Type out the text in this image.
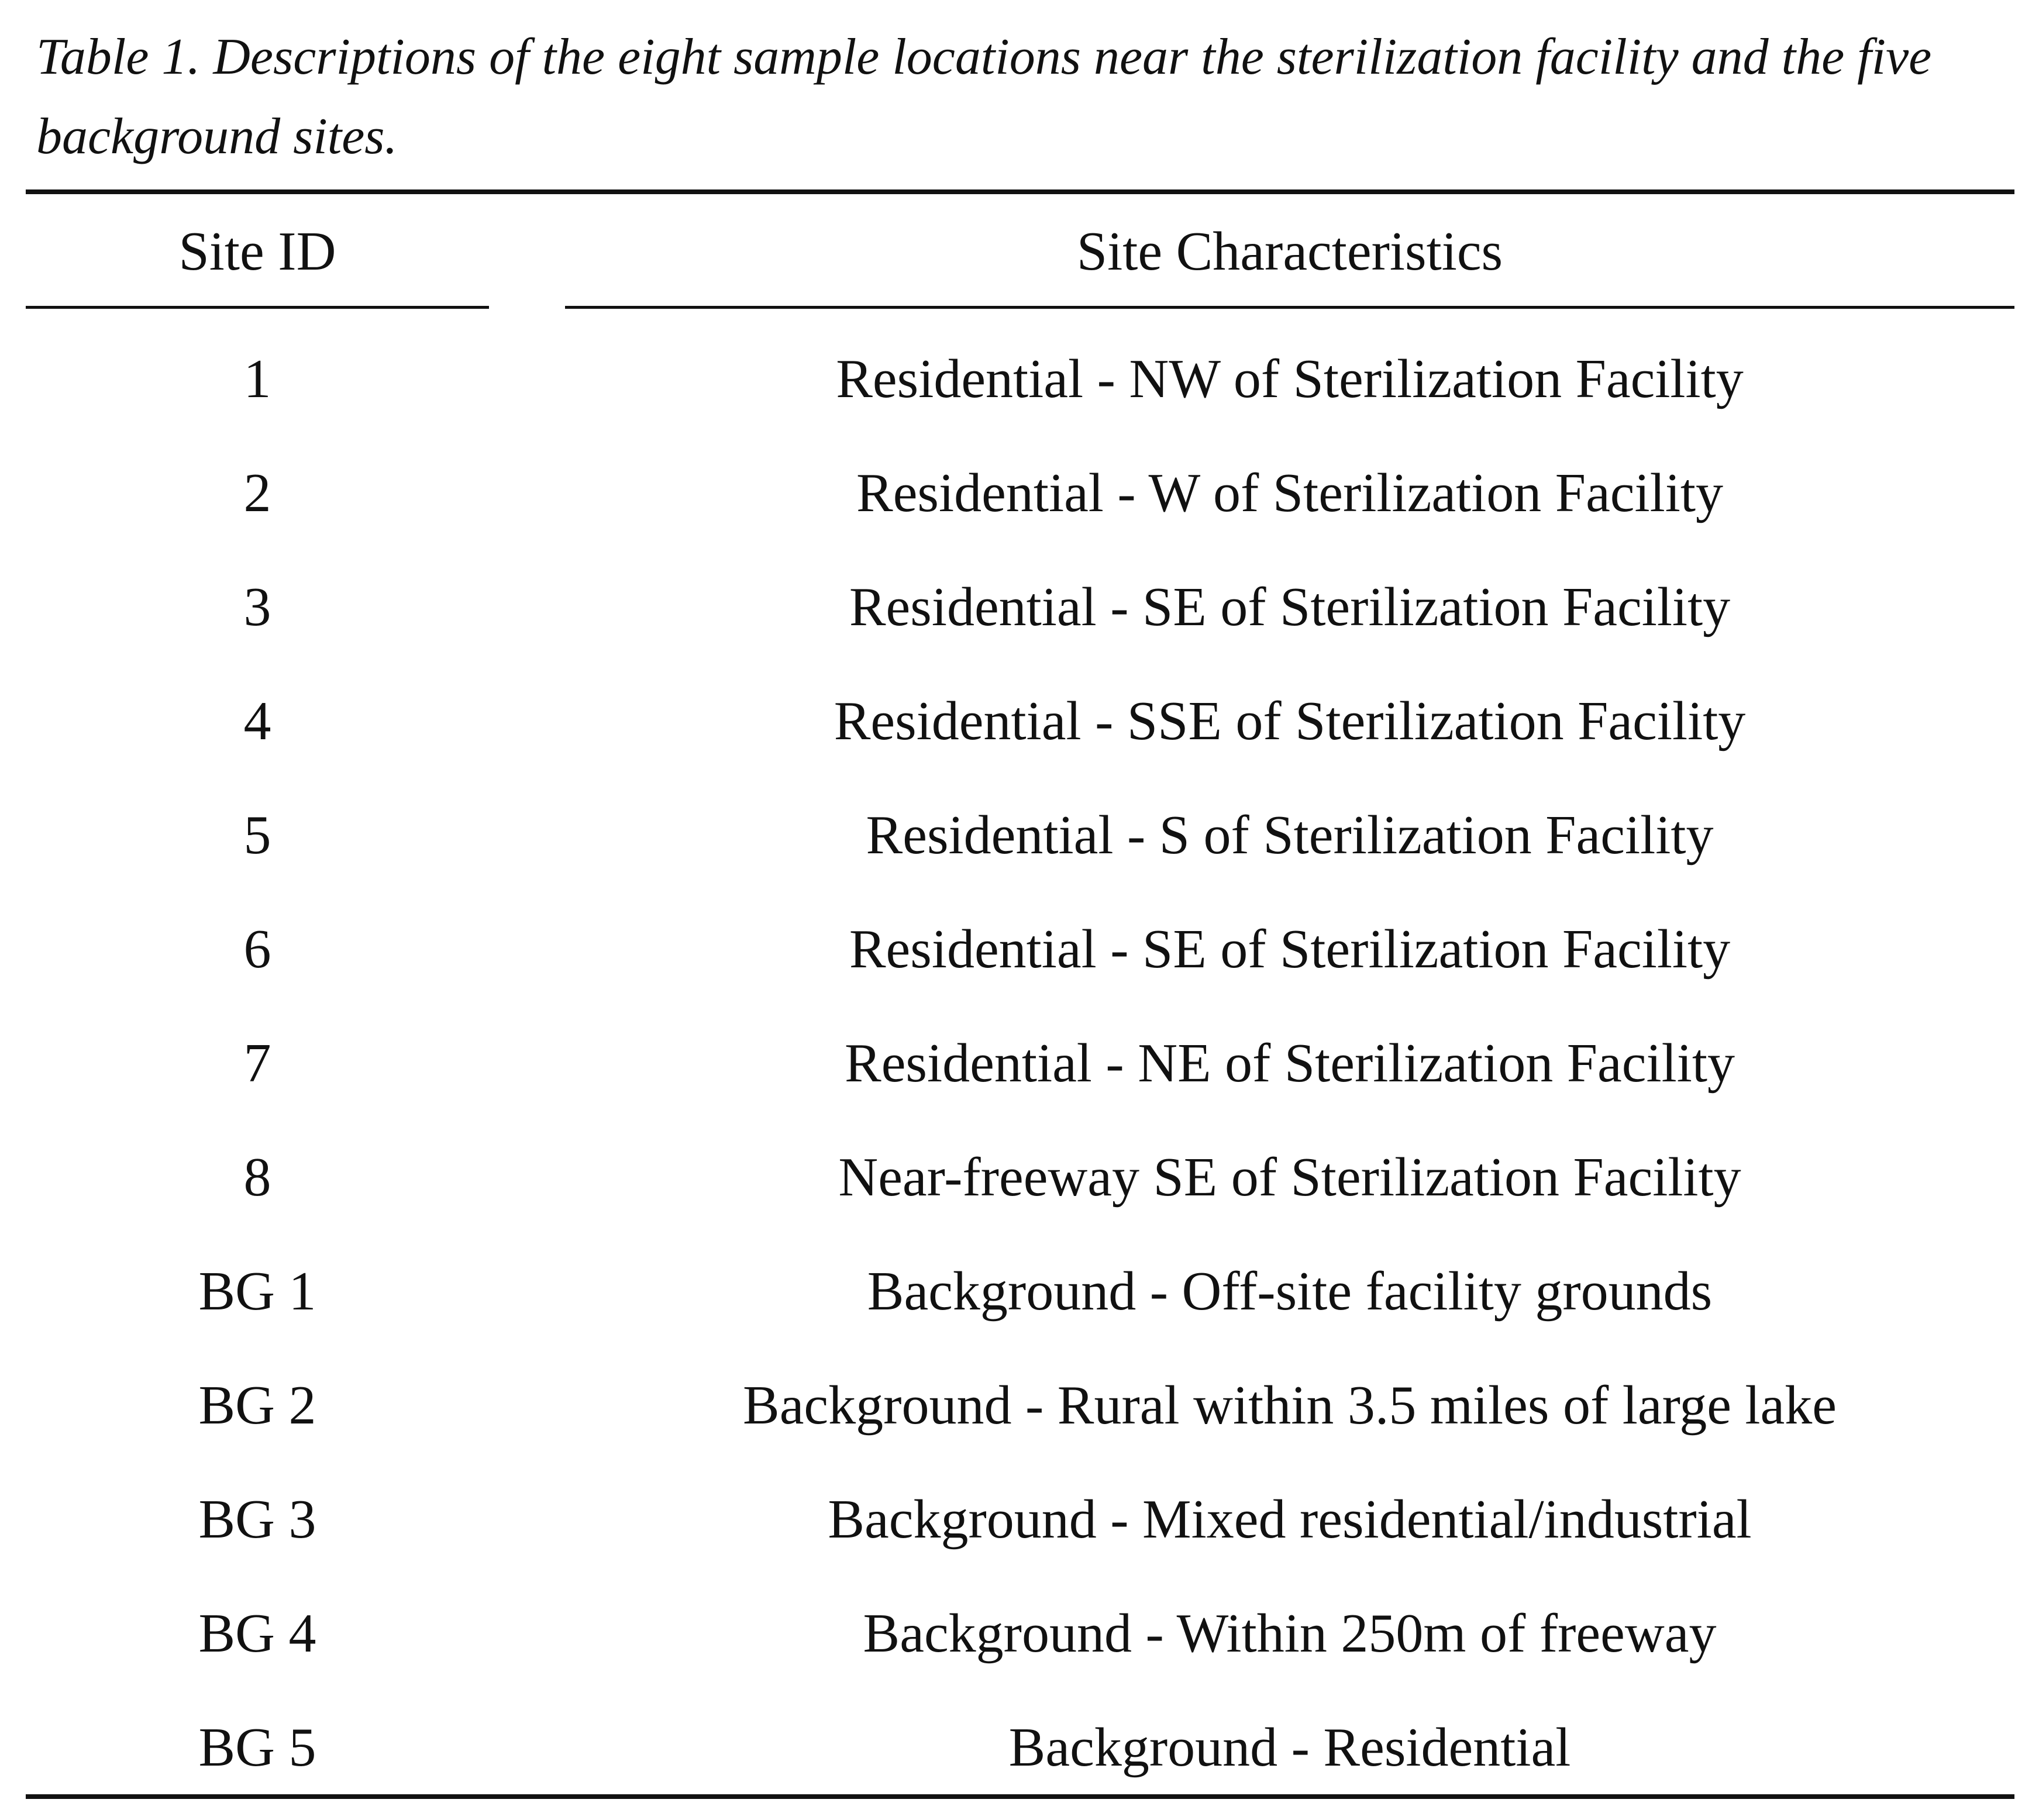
Table 1. Descriptions of the eight sample locations near the sterilization facility and the five background sites.

Site ID	Site Characteristics
1	Residential - NW of Sterilization Facility
2	Residential - W of Sterilization Facility
3	Residential - SE of Sterilization Facility
4	Residential - SSE of Sterilization Facility
5	Residential - S of Sterilization Facility
6	Residential - SE of Sterilization Facility
7	Residential - NE of Sterilization Facility
8	Near-freeway SE of Sterilization Facility
BG 1	Background - Off-site facility grounds
BG 2	Background - Rural within 3.5 miles of large lake
BG 3	Background - Mixed residential/industrial
BG 4	Background - Within 250m of freeway
BG 5	Background - Residential
